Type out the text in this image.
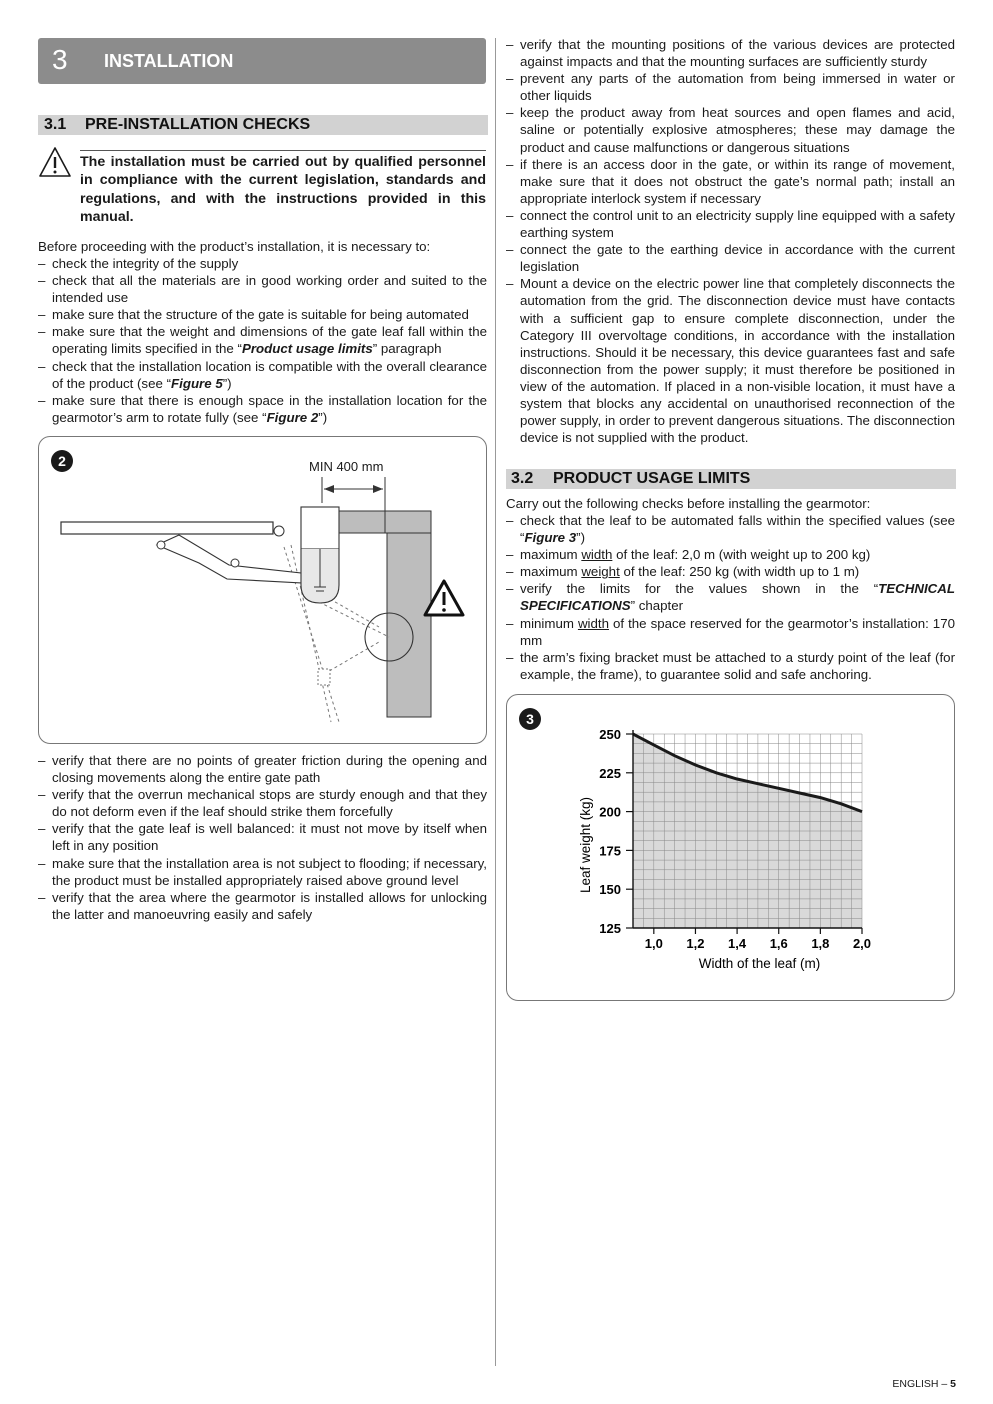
3 INSTALLATION
3.1 PRE-INSTALLATION CHECKS
The installation must be carried out by qualified personnel in compliance with the current legislation, standards and regulations, and with the instructions provided in this manual.
Before proceeding with the product’s installation, it is necessary to:
– check the integrity of the supply
– check that all the materials are in good working order and suited to the intended use
– make sure that the structure of the gate is suitable for being automated
– make sure that the weight and dimensions of the gate leaf fall within the operating limits specified in the “Product usage limits” paragraph
– check that the installation location is compatible with the overall clearance of the product (see “Figure 5”)
– make sure that there is enough space in the installation location for the gearmotor’s arm to rotate fully (see “Figure 2”)
2	MIN 400 mm
– verify that there are no points of greater friction during the opening and closing movements along the entire gate path
– verify that the overrun mechanical stops are sturdy enough and that they do not deform even if the leaf should strike them forcefully
– verify that the gate leaf is well balanced: it must not move by itself when left in any position
– make sure that the installation area is not subject to flooding; if necessary, the product must be installed appropriately raised above ground level
– verify that the area where the gearmotor is installed allows for unlocking the latter and manoeuvring easily and safely
– verify that the mounting positions of the various devices are protected against impacts and that the mounting surfaces are sufficiently sturdy
– prevent any parts of the automation from being immersed in water or other liquids
– keep the product away from heat sources and open flames and acid, saline or potentially explosive atmospheres; these may damage the product and cause malfunctions or dangerous situations
– if there is an access door in the gate, or within its range of movement, make sure that it does not obstruct the gate’s normal path; install an appropriate interlock system if necessary
– connect the control unit to an electricity supply line equipped with a safety earthing system
– connect the gate to the earthing device in accordance with the current legislation
– Mount a device on the electric power line that completely disconnects the automation from the grid. The disconnection device must have contacts with a sufficient gap to ensure complete disconnection, under the Category III overvoltage conditions, in accordance with the installation instructions. Should it be necessary, this device guarantees fast and safe disconnection from the power supply; it must therefore be positioned in view of the automation. If placed in a non-visible location, it must have a system that blocks any accidental on unauthorised reconnection of the power supply, in order to prevent dangerous situations. The disconnection device is not supplied with the product.
3.2 PRODUCT USAGE LIMITS
Carry out the following checks before installing the gearmotor:
– check that the leaf to be automated falls within the specified values (see “Figure 3”)
– maximum width of the leaf: 2,0 m (with weight up to 200 kg)
– maximum weight of the leaf: 250 kg (with width up to 1 m)
– verify the limits for the values shown in the “TECHNICAL SPECIFICATIONS” chapter
– minimum width of the space reserved for the gearmotor’s installation: 170 mm
– the arm’s fixing bracket must be attached to a sturdy point of the leaf (for example, the frame), to guarantee solid and safe anchoring.
3
125
150
175
200
225
250
1,0 1,2 1,4 1,6 1,8 2,0
Width of the leaf (m)
Leaf weight (kg)
ENGLISH – 5
